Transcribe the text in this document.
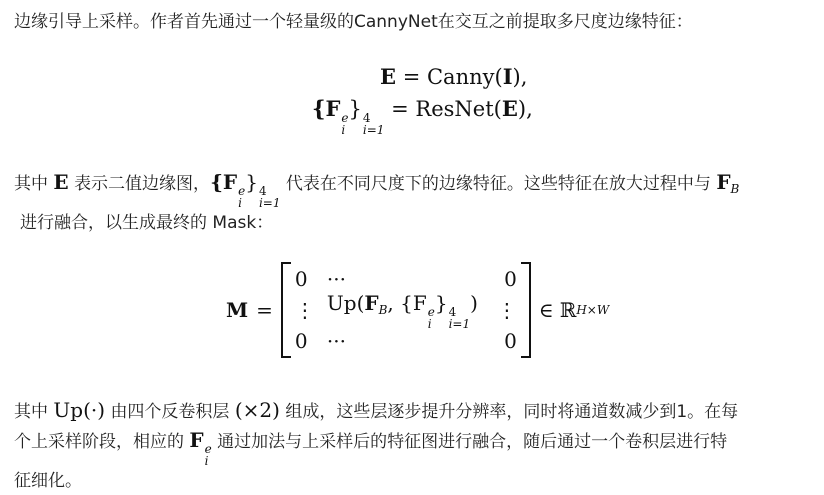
边缘引导上采样。作者首先通过一个轻量级的CannyNet在交互之前提取多尺度边缘特征：
E = Canny(I),
{F e
i
} 4
i=1
= ResNet(E),
其中 E 表示二值边缘图，{F e
i
} 4
i=1
代表在不同尺度下的边缘特征。这些特征在放大过程中与 $F_B$
进行融合，以生成最终的 Mask：
M =
0 ···	0
⋮ $Up(F_B$, {F e
i
} 4
i=1
) ⋮
0 ···	0
∈ ℝ H×W
其中 Up(·) 由四个反卷积层 (×2) 组成，这些层逐步提升分辨率，同时将通道数减少到1。在每
个上采样阶段，相应的 F e
i
通过加法与上采样后的特征图进行融合，随后通过一个卷积层进行特
征细化。
